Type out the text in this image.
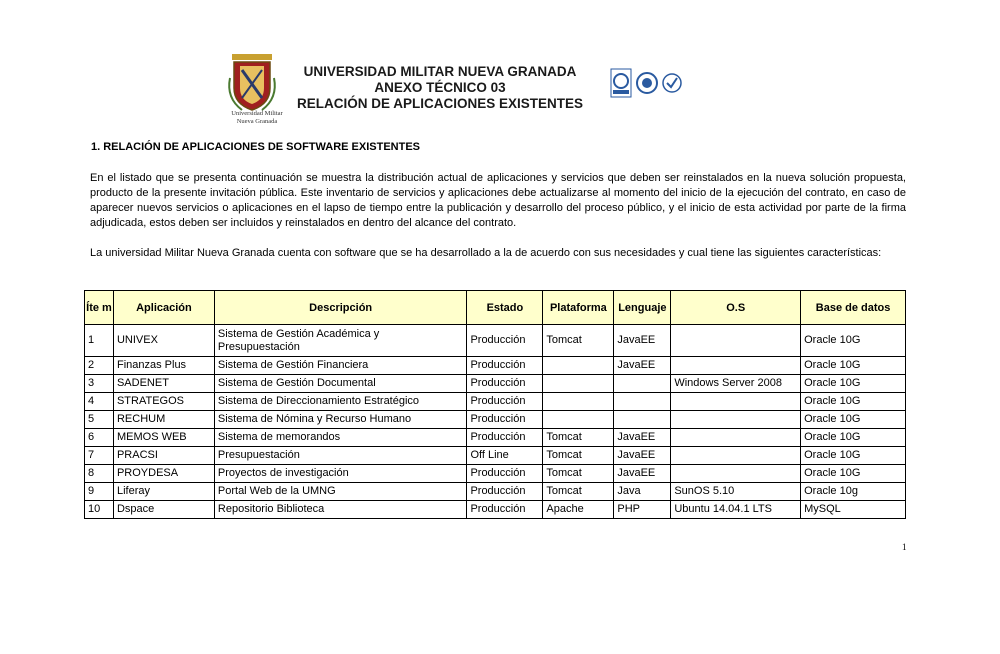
Universidad Militar
Nueva Granada
UNIVERSIDAD MILITAR NUEVA GRANADA
ANEXO TÉCNICO 03
RELACIÓN DE APLICACIONES EXISTENTES
1. RELACIÓN DE APLICACIONES DE SOFTWARE EXISTENTES
En el listado que se presenta continuación se muestra la distribución actual de aplicaciones y servicios que deben ser reinstalados en la nueva solución propuesta, producto de la presente invitación pública. Este inventario de servicios y aplicaciones debe actualizarse al momento del inicio de la ejecución del contrato, en caso de aparecer nuevos servicios o aplicaciones en el lapso de tiempo entre la publicación y desarrollo del proceso público, y el inicio de esta actividad por parte de la firma adjudicada, estos deben ser incluidos y reinstalados en dentro del alcance del contrato.
La universidad Militar Nueva Granada cuenta con software que se ha desarrollado a la de acuerdo con sus necesidades y cual tiene las siguientes características:
Íte m	Aplicación	Descripción	Estado	Plataforma	Lenguaje	O.S	Base de datos
1	UNIVEX	Sistema de Gestión Académica y Presupuestación	Producción	Tomcat	JavaEE		Oracle 10G
2	Finanzas Plus	Sistema de Gestión Financiera	Producción		JavaEE		Oracle 10G
3	SADENET	Sistema de Gestión Documental	Producción			Windows Server 2008	Oracle 10G
4	STRATEGOS	Sistema de Direccionamiento Estratégico	Producción				Oracle 10G
5	RECHUM	Sistema de Nómina y Recurso Humano	Producción				Oracle 10G
6	MEMOS WEB	Sistema de memorandos	Producción	Tomcat	JavaEE		Oracle 10G
7	PRACSI	Presupuestación	Off Line	Tomcat	JavaEE		Oracle 10G
8	PROYDESA	Proyectos de investigación	Producción	Tomcat	JavaEE		Oracle 10G
9	Liferay	Portal Web de la UMNG	Producción	Tomcat	Java	SunOS 5.10	Oracle 10g
10	Dspace	Repositorio Biblioteca	Producción	Apache	PHP	Ubuntu 14.04.1 LTS	MySQL
1
